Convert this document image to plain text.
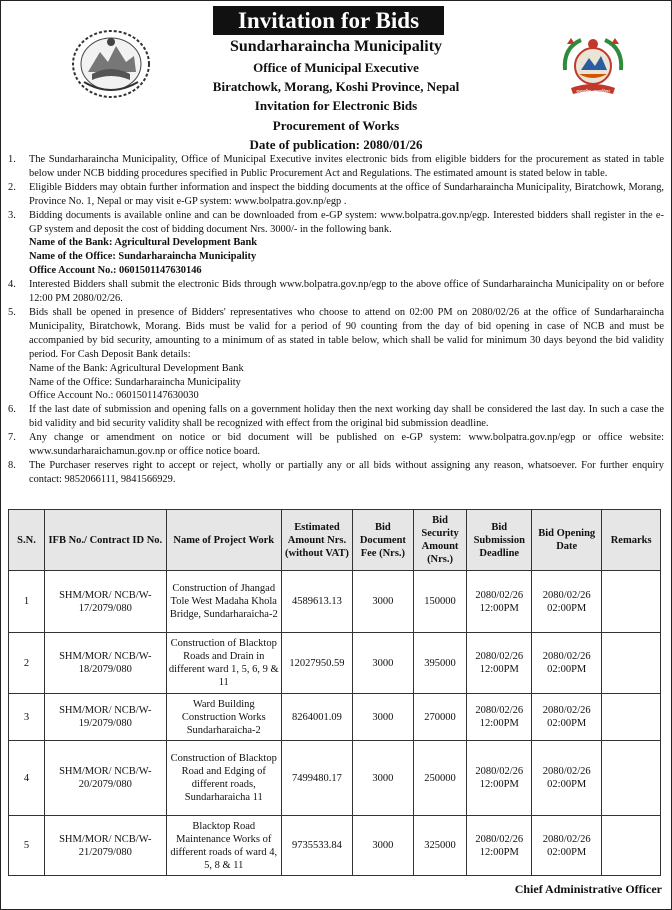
Invitation for Bids
सुन्दरहरैंचा नगरपालिका
Sundarharaincha Municipality
Office of Municipal Executive
Biratchowk, Morang, Koshi Province, Nepal
Invitation for Electronic Bids
Procurement of Works
Date of publication: 2080/01/26
1. The Sundarharaincha Municipality, Office of Municipal Executive invites electronic bids from eligible bidders for the procurement as stated in table below under NCB bidding procedures specified in Public Procurement Act and Regulations. The estimated amount is stated below in table.
2. Eligible Bidders may obtain further information and inspect the bidding documents at the office of Sundarharaincha Municipality, Biratchowk, Morang, Province No. 1, Nepal or may visit e-GP system: www.bolpatra.gov.np/egp .
3. Bidding documents is available online and can be downloaded from e-GP system: www.bolpatra.gov.np/egp. Interested bidders shall register in the e-GP system and deposit the cost of bidding document Nrs. 3000/- in the following bank.
Name of the Bank: Agricultural Development Bank
Name of the Office: Sundarharaincha Municipality
Office Account No.: 0601501147630146
4. Interested Bidders shall submit the electronic Bids through www.bolpatra.gov.np/egp to the above office of Sundarharaincha Municipality on or before 12:00 PM 2080/02/26.
5. Bids shall be opened in presence of Bidders' representatives who choose to attend on 02:00 PM on 2080/02/26 at the office of Sundarharaincha Municipality, Biratchowk, Morang. Bids must be valid for a period of 90 counting from the day of bid opening in case of NCB and must be accompanied by bid security, amounting to a minimum of as stated in table below, which shall be valid for minimum 30 days beyond the bid validity period. For Cash Deposit Bank details:
Name of the Bank: Agricultural Development Bank
Name of the Office: Sundarharaincha Municipality
Office Account No.: 0601501147630030
6. If the last date of submission and opening falls on a government holiday then the next working day shall be considered the last day. In such a case the bid validity and bid security validity shall be recognized with effect from the original bid submission deadline.
7. Any change or amendment on notice or bid document will be published on e-GP system: www.bolpatra.gov.np/egp or office website: www.sundarharaichamun.gov.np or office notice board.
8. The Purchaser reserves right to accept or reject, wholly or partially any or all bids without assigning any reason, whatsoever. For further enquiry contact: 9852066111, 9841566929.
S.N.	IFB No./ Contract ID No.	Name of Project Work	Estimated Amount Nrs. (without VAT)	Bid Document Fee (Nrs.)	Bid Security Amount (Nrs.)	Bid Submission Deadline	Bid Opening Date	Remarks
1	SHM/MOR/ NCB/W-17/2079/080	Construction of Jhangad Tole West Madaha Khola Bridge, Sundarharaicha-2	4589613.13	3000	150000	2080/02/26 12:00PM	2080/02/26 02:00PM	
2	SHM/MOR/ NCB/W-18/2079/080	Construction of Blacktop Roads and Drain in different ward 1, 5, 6, 9 & 11	12027950.59	3000	395000	2080/02/26 12:00PM	2080/02/26 02:00PM	
3	SHM/MOR/ NCB/W-19/2079/080	Ward Building Construction Works Sundarharaicha-2	8264001.09	3000	270000	2080/02/26 12:00PM	2080/02/26 02:00PM	
4	SHM/MOR/ NCB/W-20/2079/080	Construction of Blacktop Road and Edging of different roads, Sundarharaicha 11	7499480.17	3000	250000	2080/02/26 12:00PM	2080/02/26 02:00PM	
5	SHM/MOR/ NCB/W-21/2079/080	Blacktop Road Maintenance Works of different roads of ward 4, 5, 8 & 11	9735533.84	3000	325000	2080/02/26 12:00PM	2080/02/26 02:00PM	
Chief Administrative Officer
